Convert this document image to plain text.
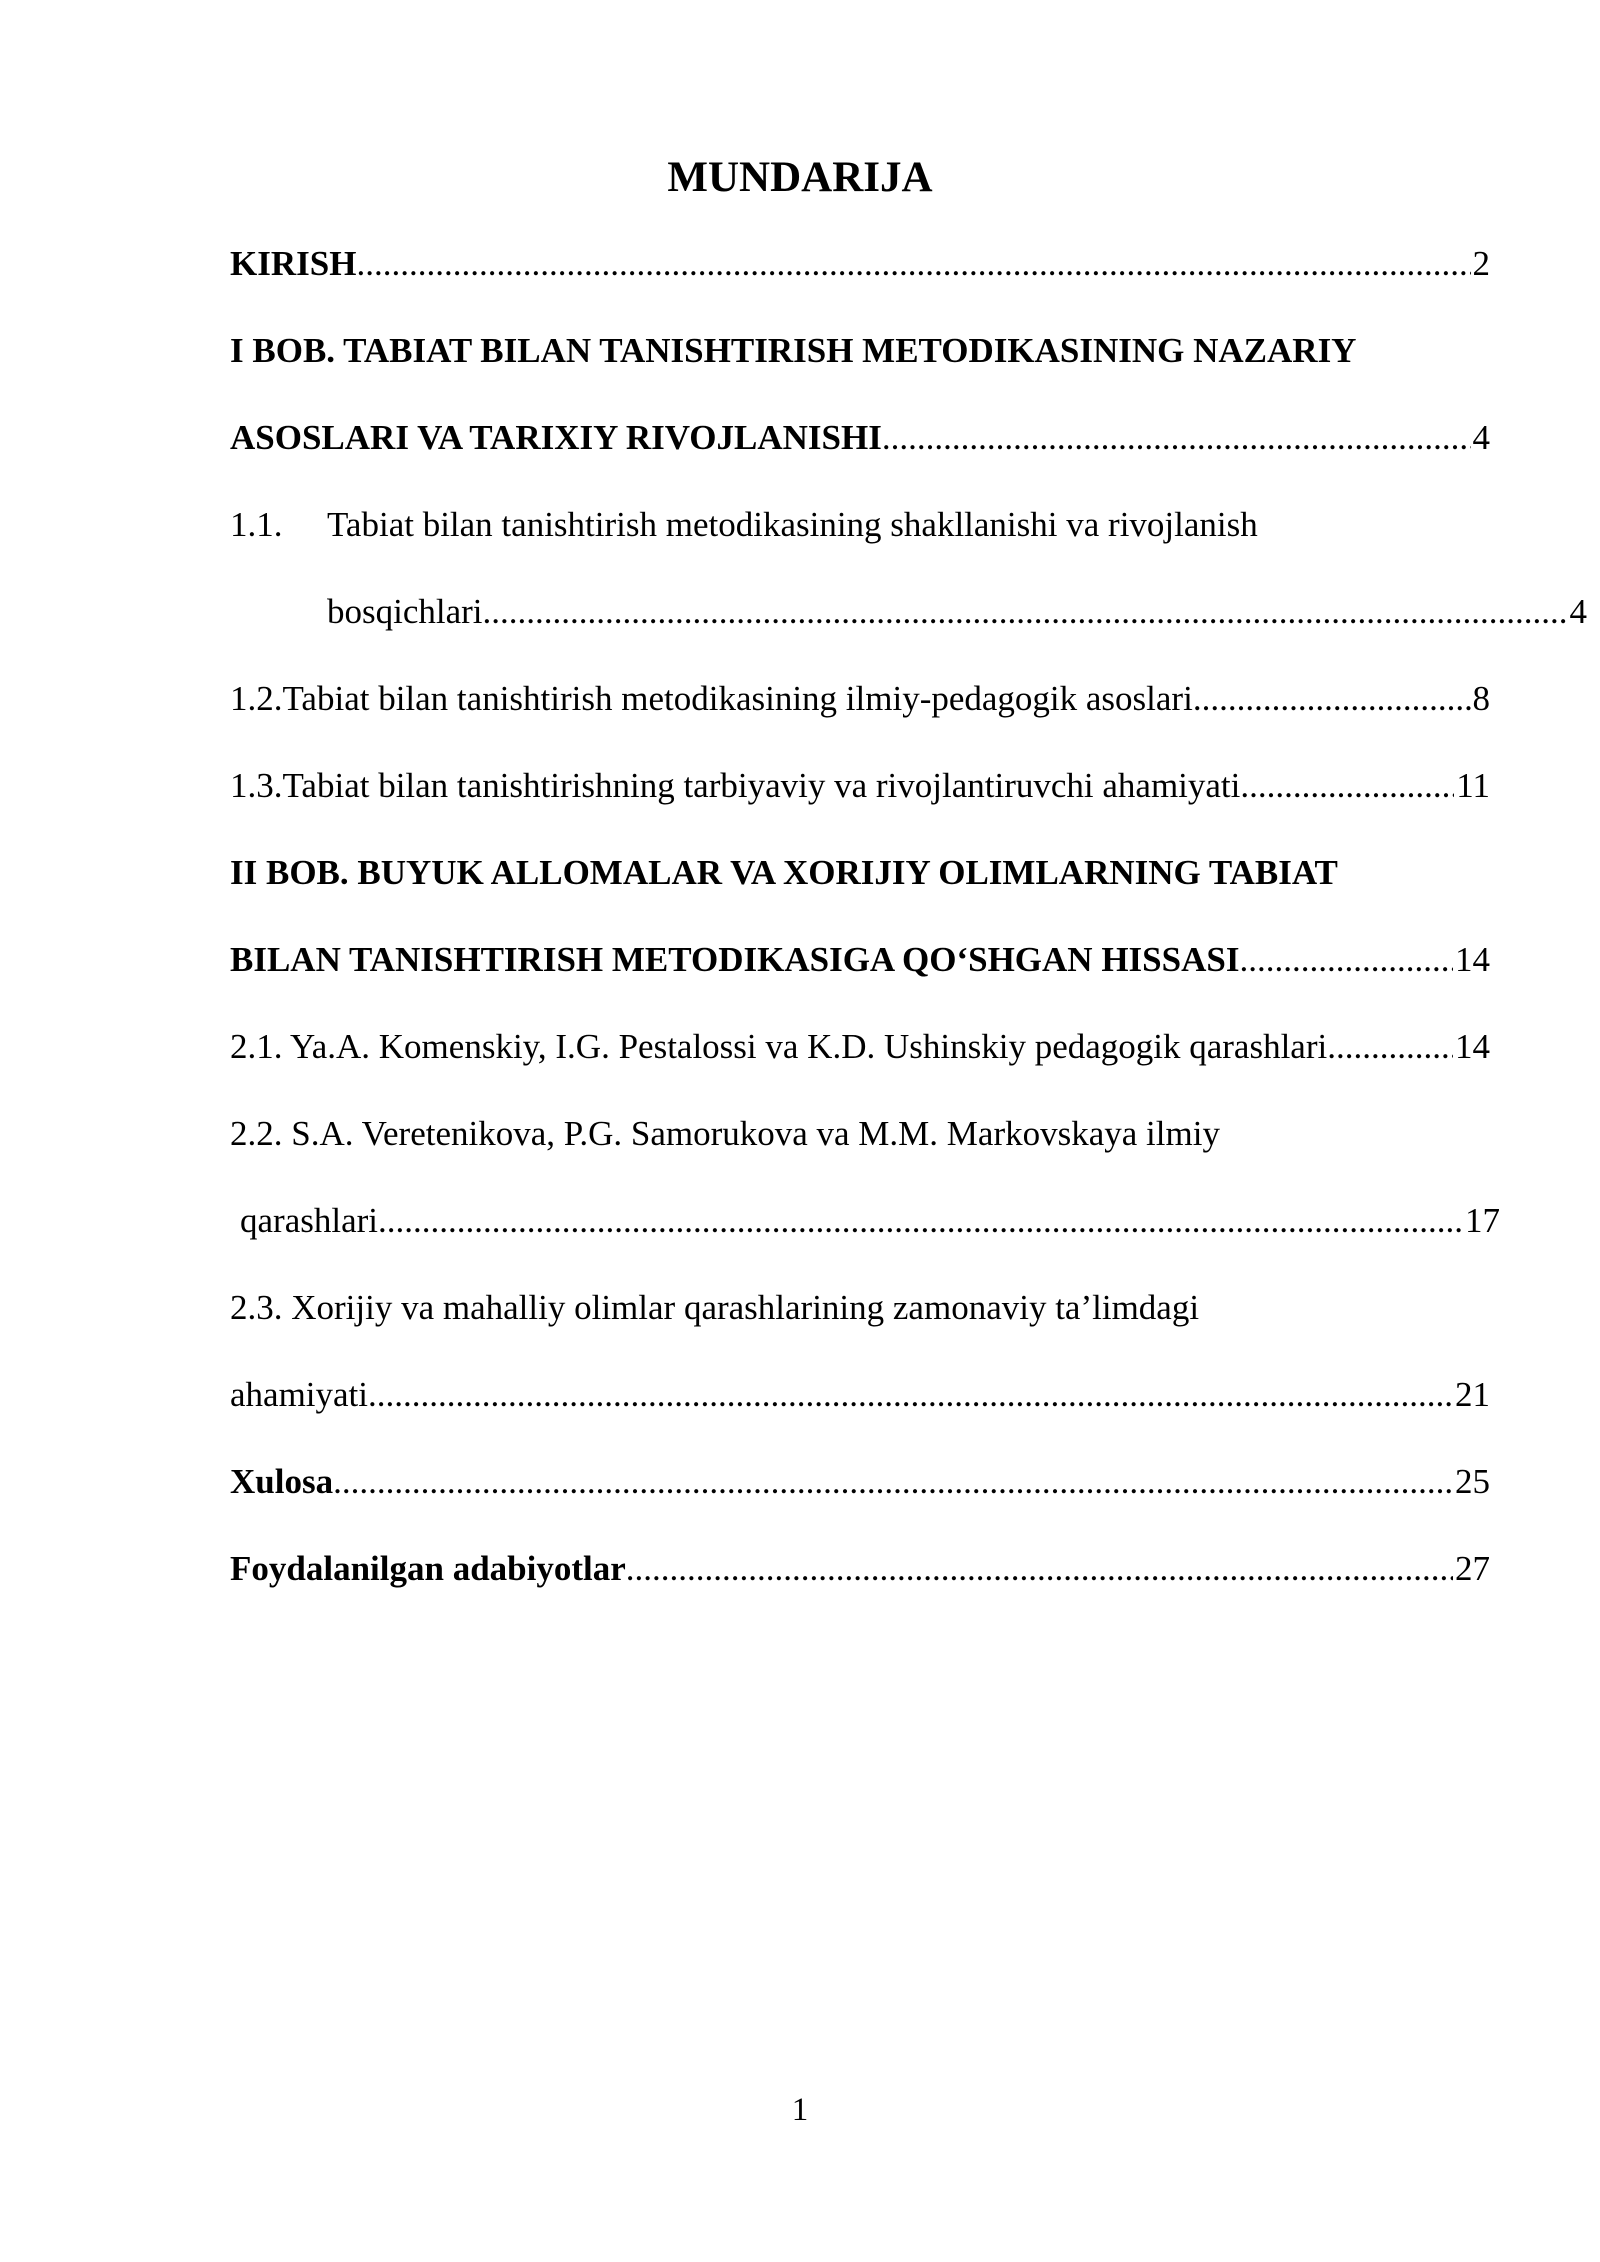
MUNDARIJA
KIRISH .....	2
I BOB. TABIAT BILAN TANISHTIRISH METODIKASINING NAZARIY
ASOSLARI VA TARIXIY RIVOJLANISHI .....	4
1.1. Tabiat bilan tanishtirish metodikasining shakllanishi va rivojlanish
bosqichlari .....	4
1.2. Tabiat bilan tanishtirish metodikasining ilmiy-pedagogik asoslari .....	8
1.3. Tabiat bilan tanishtirishning tarbiyaviy va rivojlantiruvchi ahamiyati .....	11
II BOB. BUYUK ALLOMALAR VA XORIJIY OLIMLARNING TABIAT
BILAN TANISHTIRISH METODIKASIGA QO‘SHGAN HISSASI .....	14
2.1. Ya.A. Komenskiy, I.G. Pestalossi va K.D. Ushinskiy pedagogik qarashlari .....	14
2.2. S.A. Veretenikova, P.G. Samorukova va M.M. Markovskaya ilmiy
qarashlari .....	17
2.3. Xorijiy va mahalliy olimlar qarashlarining zamonaviy ta’limdagi
ahamiyati .....	21
Xulosa .....	25
Foydalanilgan adabiyotlar .....	27
1
